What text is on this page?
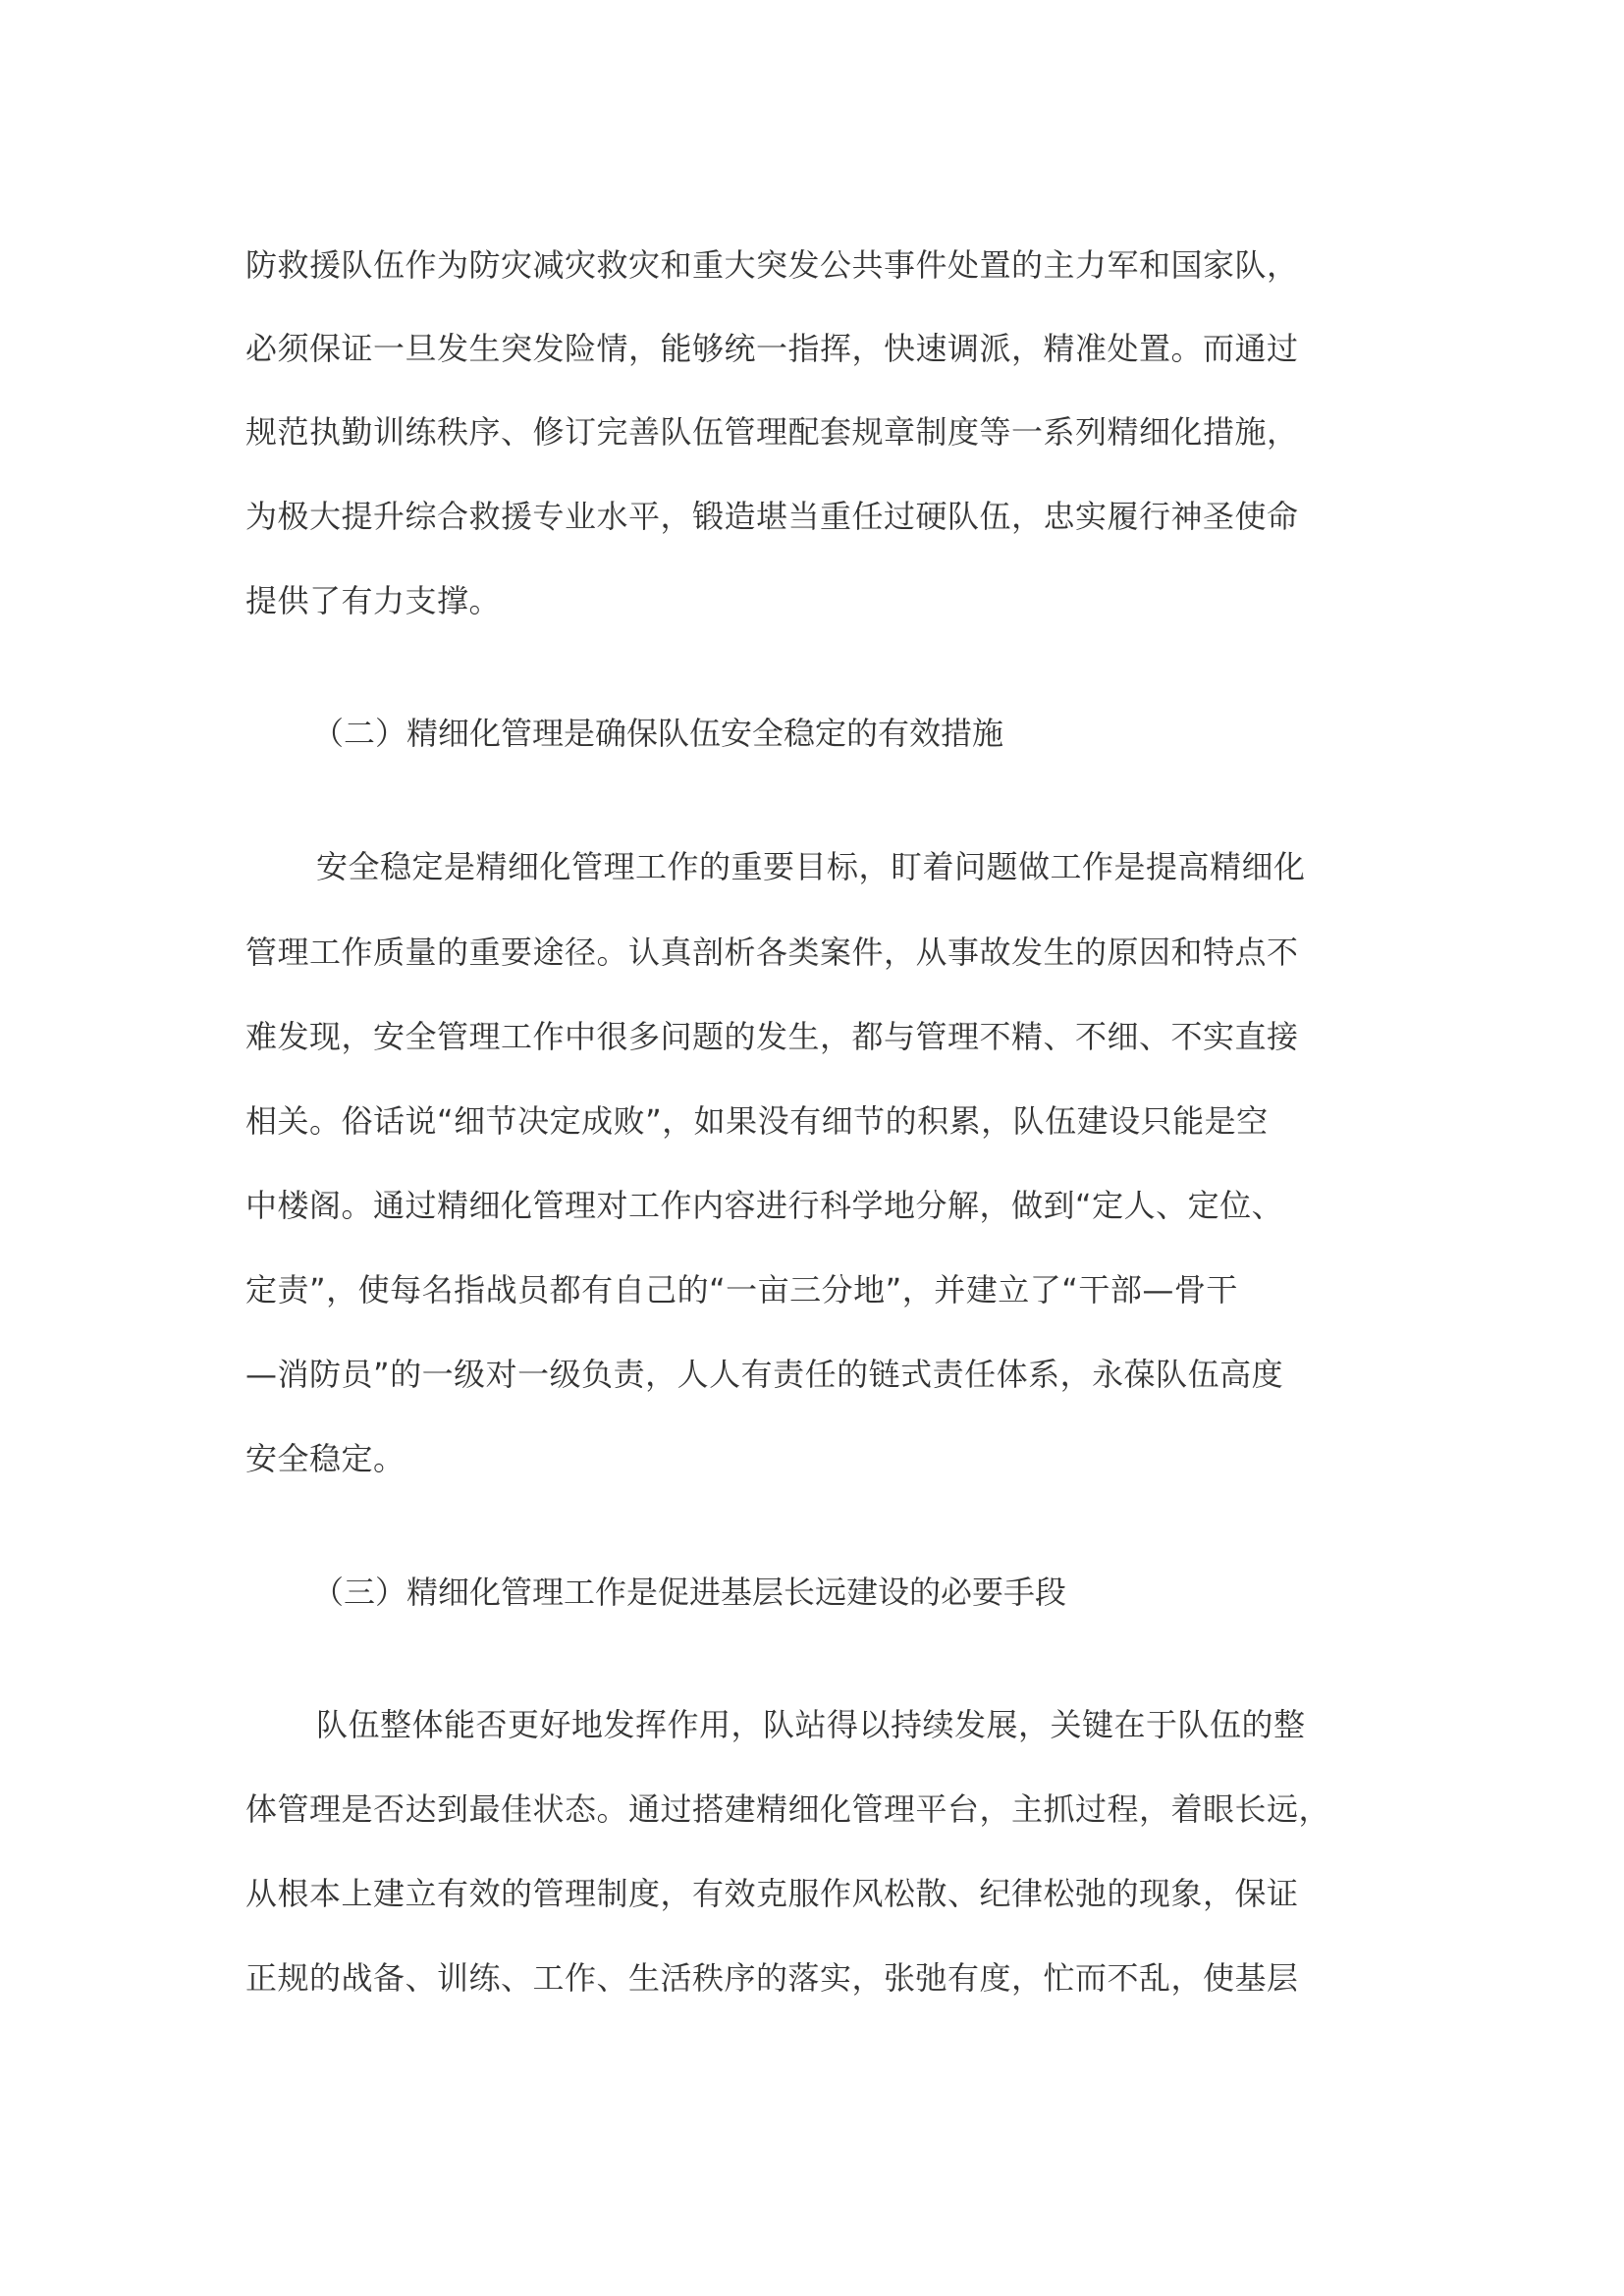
防救援队伍作为防灾减灾救灾和重大突发公共事件处置的主力军和国家队，
必须保证一旦发生突发险情，能够统一指挥，快速调派，精准处置。而通过
规范执勤训练秩序、修订完善队伍管理配套规章制度等一系列精细化措施，
为极大提升综合救援专业水平，锻造堪当重任过硬队伍，忠实履行神圣使命
提供了有力支撑。
（二）精细化管理是确保队伍安全稳定的有效措施
安全稳定是精细化管理工作的重要目标，盯着问题做工作是提高精细化
管理工作质量的重要途径。认真剖析各类案件，从事故发生的原因和特点不
难发现，安全管理工作中很多问题的发生，都与管理不精、不细、不实直接
相关。俗话说“细节决定成败”，如果没有细节的积累，队伍建设只能是空
中楼阁。通过精细化管理对工作内容进行科学地分解，做到“定人、定位、
定责”，使每名指战员都有自己的“一亩三分地”，并建立了“干部—骨干
—消防员”的一级对一级负责，人人有责任的链式责任体系，永葆队伍高度
安全稳定。
（三）精细化管理工作是促进基层长远建设的必要手段
队伍整体能否更好地发挥作用，队站得以持续发展，关键在于队伍的整
体管理是否达到最佳状态。通过搭建精细化管理平台，主抓过程，着眼长远，
从根本上建立有效的管理制度，有效克服作风松散、纪律松弛的现象，保证
正规的战备、训练、工作、生活秩序的落实，张弛有度，忙而不乱，使基层
